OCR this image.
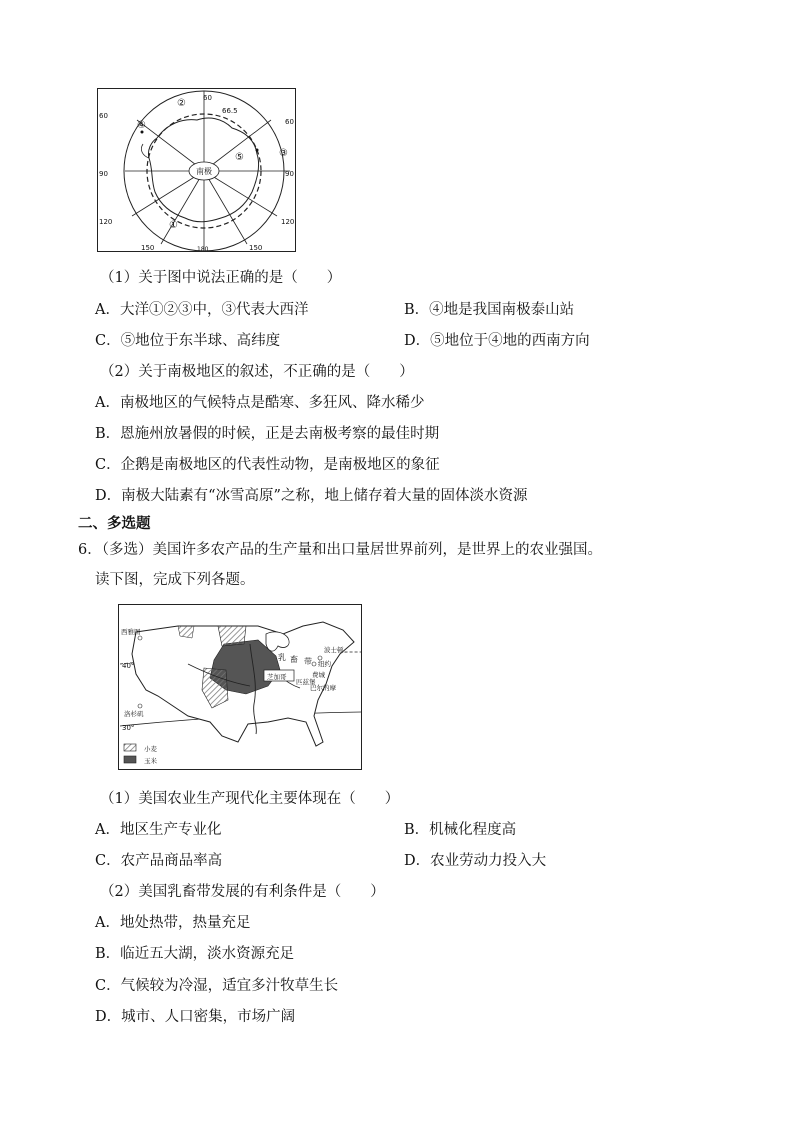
南极
60
60
60
90	90
120	120
150	150
180
66.5
②
③
④
⑤
①
（1）关于图中说法正确的是（　　）
A．大洋①②③中，③代表大西洋	B．④地是我国南极泰山站
C．⑤地位于东半球、高纬度	D．⑤地位于④地的西南方向
（2）关于南极地区的叙述，不正确的是（　　）
A．南极地区的气候特点是酷寒、多狂风、降水稀少
B．恩施州放暑假的时候，正是去南极考察的最佳时期
C．企鹅是南极地区的代表性动物，是南极地区的象征
D．南极大陆素有“冰雪高原”之称，地上储存着大量的固体淡水资源
二、多选题
6．（多选）美国许多农产品的生产量和出口量居世界前列，是世界上的农业强国。
读下图，完成下列各题。
40°
30°
西雅图
洛杉矶
芝加哥
波士顿
纽约
费城
匹兹堡
巴尔的摩
乳 畜 带
小麦
玉米
（1）美国农业生产现代化主要体现在（　　）
A．地区生产专业化	B．机械化程度高
C．农产品商品率高	D．农业劳动力投入大
（2）美国乳畜带发展的有利条件是（　　）
A．地处热带，热量充足
B．临近五大湖，淡水资源充足
C．气候较为冷湿，适宜多汁牧草生长
D．城市、人口密集，市场广阔
